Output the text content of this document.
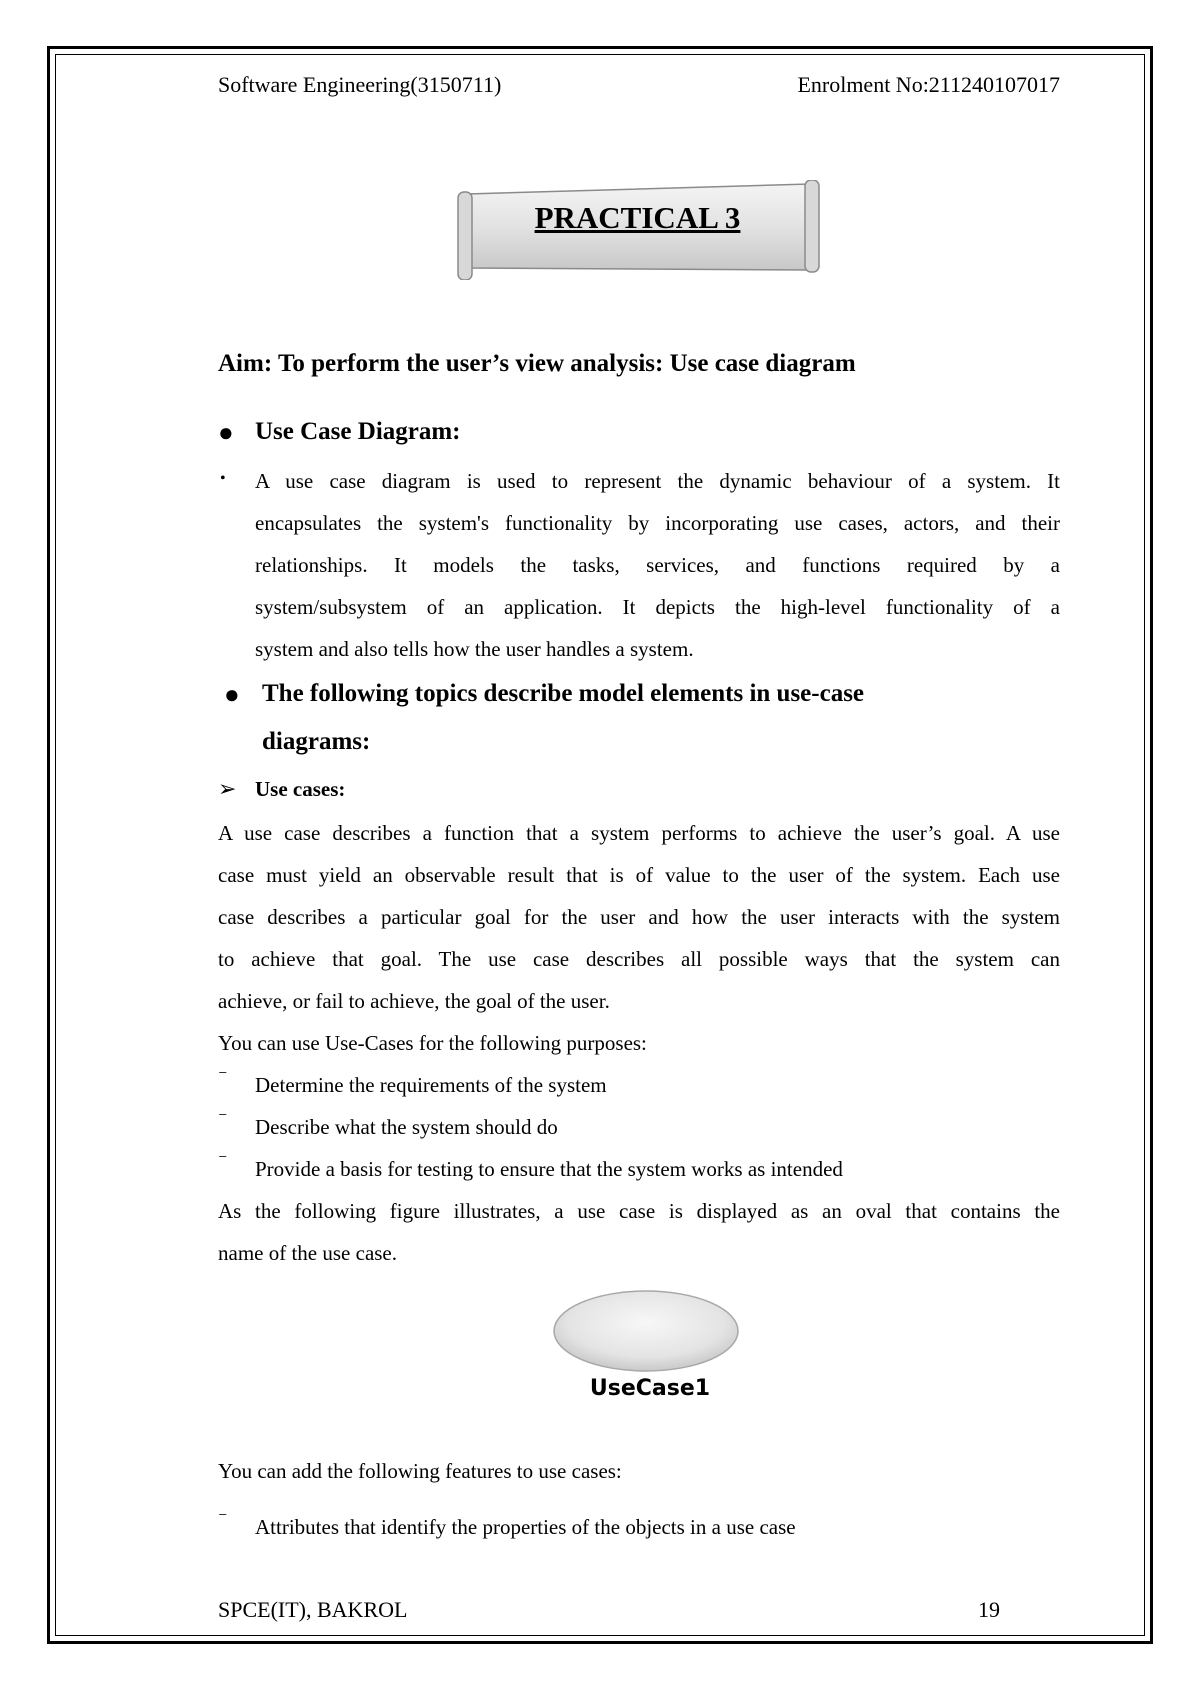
Software Engineering(3150711)	Enrolment No:211240107017
PRACTICAL 3
Aim: To perform the user’s view analysis: Use case diagram
● Use Case Diagram:
• A use case diagram is used to represent the dynamic behaviour of a system. It
encapsulates the system's functionality by incorporating use cases, actors, and their
relationships. It models the tasks, services, and functions required by a
system/subsystem of an application. It depicts the high-level functionality of a
system and also tells how the user handles a system.
● The following topics describe model elements in use-case
diagrams:
➢ Use cases:
A use case describes a function that a system performs to achieve the user’s goal. A use
case must yield an observable result that is of value to the user of the system. Each use
case describes a particular goal for the user and how the user interacts with the system
to achieve that goal. The use case describes all possible ways that the system can
achieve, or fail to achieve, the goal of the user.
You can use Use-Cases for the following purposes:
⁻ Determine the requirements of the system
⁻ Describe what the system should do
⁻ Provide a basis for testing to ensure that the system works as intended
As the following figure illustrates, a use case is displayed as an oval that contains the
name of the use case.
UseCase1
You can add the following features to use cases:
⁻ Attributes that identify the properties of the objects in a use case
SPCE(IT), BAKROL	19
